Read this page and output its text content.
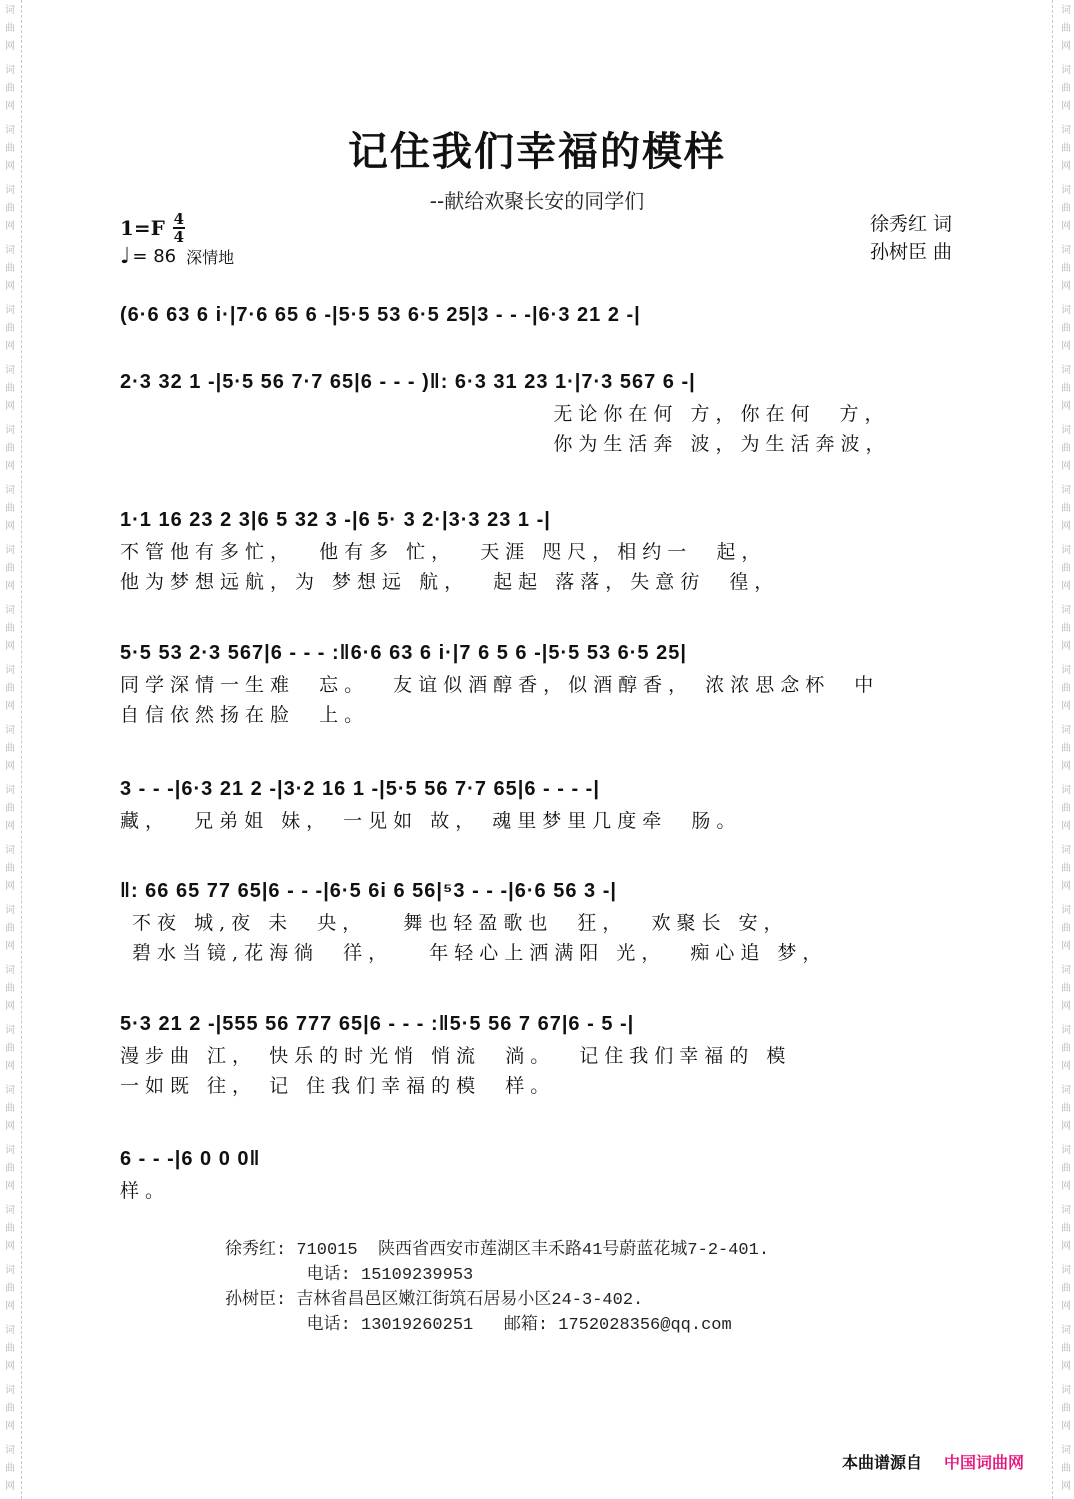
词
曲
网
词
曲
网
词
曲
网
词
曲
网
词
曲
网
词
曲
网
词
曲
网
词
曲
网
词
曲
网
词
曲
网
词
曲
网
词
曲
网
词
曲
网
词
曲
网
词
曲
网
词
曲
网
词
曲
网
词
曲
网
词
曲
网
词
曲
网
词
曲
网
词
曲
网
词
曲
网
词
曲
网
词
曲
网
词
曲
网
词
曲
网
词
曲
网
词
曲
网
词
曲
网
词
曲
网
词
曲
网
词
曲
网
词
曲
网
词
曲
网
词
曲
网
词
曲
网
词
曲
网
词
曲
网
词
曲
网
词
曲
网
词
曲
网
词
曲
网
词
曲
网
词
曲
网
词
曲
网
词
曲
网
词
曲
网
词
曲
网
词
曲
网
记住我们幸福的模样
--献给欢聚长安的同学们
$1=F \frac{4}{4}$
♩ = 86 深情地
徐秀红 词
孙树臣 曲
(6·6 63 6 i·|7·6 65 6 -|5·5 53 6·5 25|3 - - -|6·3 21 2 -|
2·3 32 1 -|5·5 56 7·7 65|6 - - - )‖: 6·3 31 23 1·|7·3 567 6 -|
无论你在何 方，你在何  方，
你为生活奔 波，为生活奔波，
1·1 16 23 2 3|6 5 32 3 -|6 5· 3 2·|3·3 23 1 -|
不管他有多忙，  他有多 忙，  天涯 咫尺，相约一  起，
他为梦想远航，为 梦想远 航，  起起 落落，失意彷  徨，
5·5 53 2·3 567|6 - - - :‖6·6 63 6 i·|7 6 5 6 -|5·5 53 6·5 25|
同学深情一生难  忘。  友谊似酒醇香，似酒醇香， 浓浓思念杯  中
自信依然扬在脸  上。
3 - - -|6·3 21 2 -|3·2 16 1 -|5·5 56 7·7 65|6 - - - -|
藏，  兄弟姐 妹， 一见如 故， 魂里梦里几度牵  肠。
‖: 66 65 77 65|6 - - -|6·5 6i 6 56|⁵3 - - -|6·6 56 3 -|
不夜 城,夜 未  央，   舞也轻盈歌也  狂，  欢聚长 安，
碧水当镜,花海徜  徉，   年轻心上洒满阳 光，  痴心追 梦，
5·3 21 2 -|555 56 777 65|6 - - - :‖5·5 56 7 67|6 - 5 -|
漫步曲 江， 快乐的时光悄 悄流  淌。  记住我们幸福的 模
一如既 往， 记 住我们幸福的模  样。
6 - - -|6 0 0 0‖
样。
徐秀红: 710015  陕西省西安市莲湖区丰禾路41号蔚蓝花城7-2-401.
电话: 15109239953
孙树臣: 吉林省昌邑区嫩江街筑石居易小区24-3-402.
电话: 13019260251   邮箱: 1752028356@qq.com
本曲谱源自 中国词曲网
